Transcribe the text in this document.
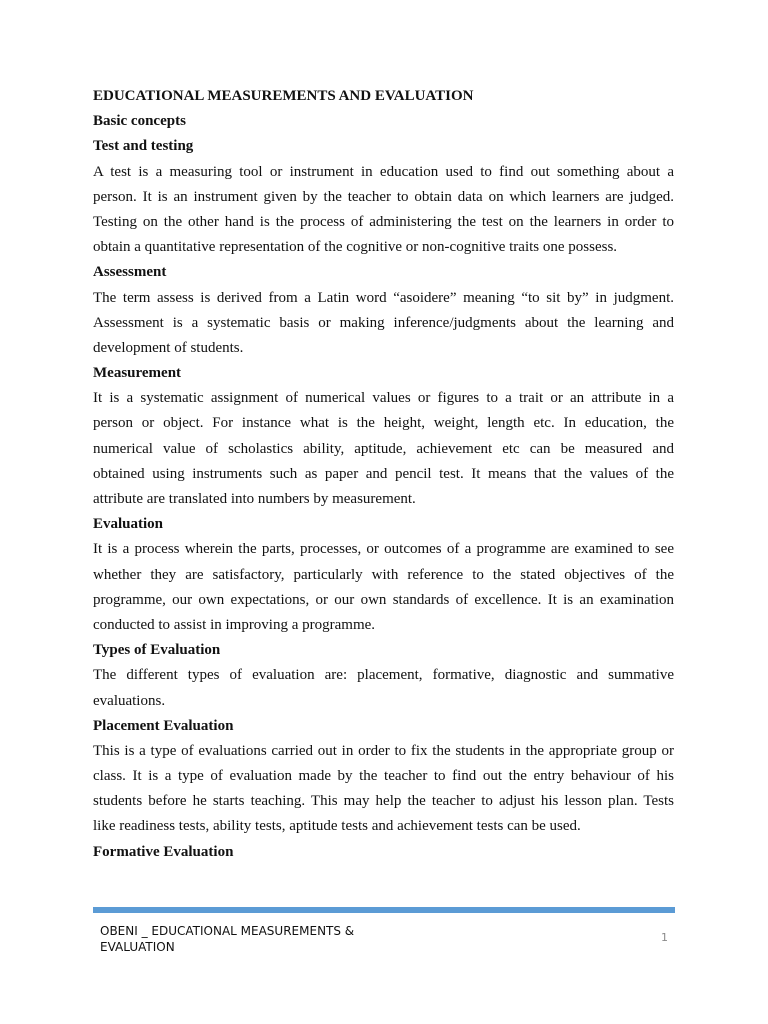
EDUCATIONAL MEASUREMENTS AND EVALUATION
Basic concepts
Test and testing
A test is a measuring tool or instrument in education used to find out something about a
person. It is an instrument given by the teacher to obtain data on which learners are judged.
Testing on the other hand is the process of administering the test on the learners in order to
obtain a quantitative representation of the cognitive or non-cognitive traits one possess.
Assessment
The term assess is derived from a Latin word “asoidere” meaning “to sit by” in judgment.
Assessment is a systematic basis or making inference/judgments about the learning and
development of students.
Measurement
It is a systematic assignment of numerical values or figures to a trait or an attribute in a
person or object. For instance what is the height, weight, length etc. In education, the
numerical value of scholastics ability, aptitude, achievement etc can be measured and
obtained using instruments such as paper and pencil test. It means that the values of the
attribute are translated into numbers by measurement.
Evaluation
It is a process wherein the parts, processes, or outcomes of a programme are examined to see
whether they are satisfactory, particularly with reference to the stated objectives of the
programme, our own expectations, or our own standards of excellence. It is an examination
conducted to assist in improving a programme.
Types of Evaluation
The different types of evaluation are: placement, formative, diagnostic and summative
evaluations.
Placement Evaluation
This is a type of evaluations carried out in order to fix the students in the appropriate group or
class. It is a type of evaluation made by the teacher to find out the entry behaviour of his
students before he starts teaching. This may help the teacher to adjust his lesson plan. Tests
like readiness tests, ability tests, aptitude tests and achievement tests can be used.
Formative Evaluation
OBENI _ EDUCATIONAL MEASUREMENTS &
EVALUATION
1
